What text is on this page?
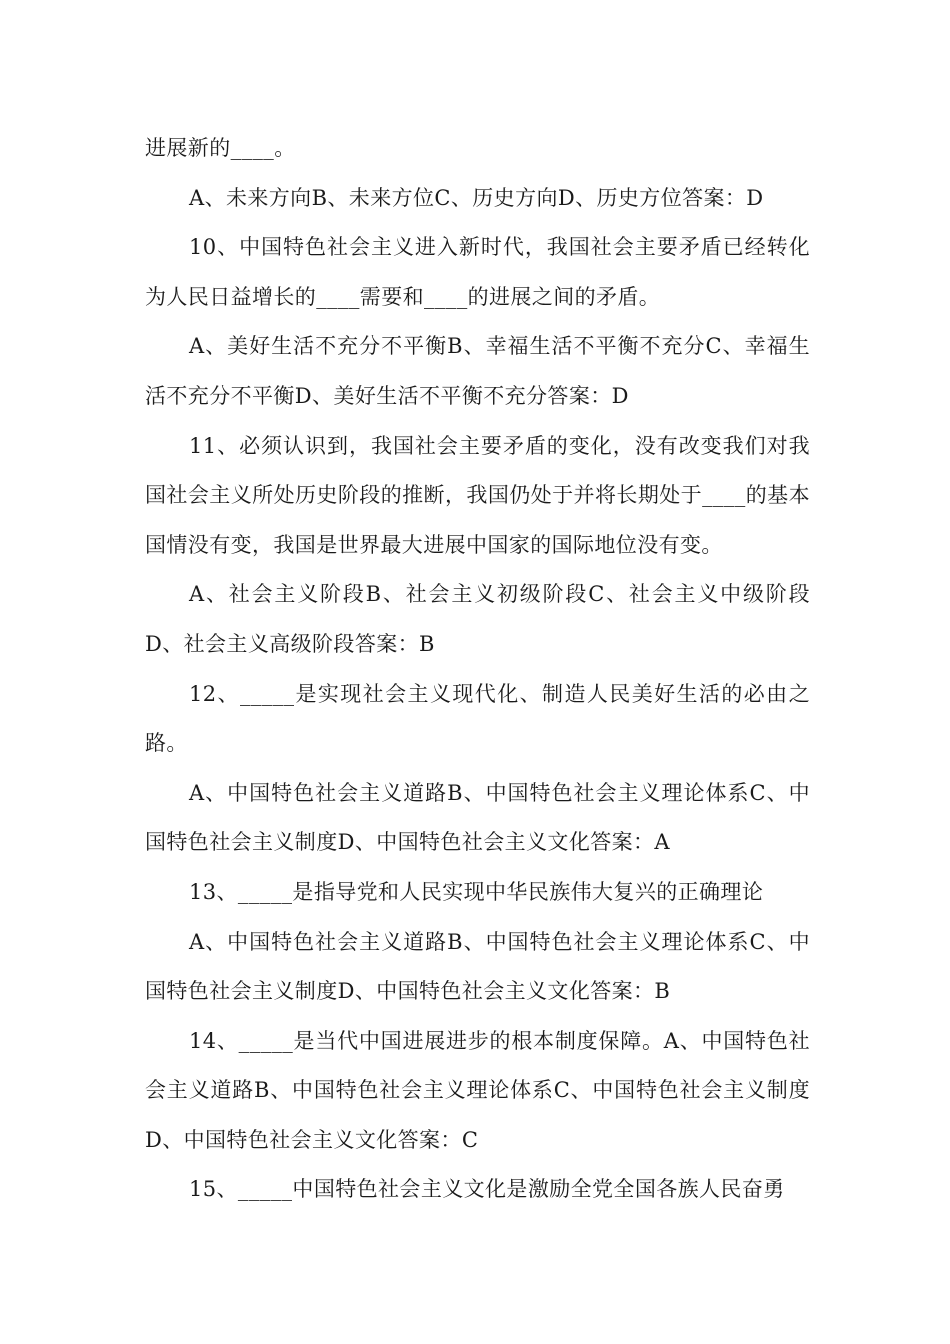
进展新的____。

A、未来方向B、未来方位C、历史方向D、历史方位答案：D

10、中国特色社会主义进入新时代，我国社会主要矛盾已经转化为人民日益增长的____需要和____的进展之间的矛盾。

A、美好生活不充分不平衡B、幸福生活不平衡不充分C、幸福生活不充分不平衡D、美好生活不平衡不充分答案：D

11、必须认识到，我国社会主要矛盾的变化，没有改变我们对我国社会主义所处历史阶段的推断，我国仍处于并将长期处于____的基本国情没有变，我国是世界最大进展中国家的国际地位没有变。

A、社会主义阶段B、社会主义初级阶段C、社会主义中级阶段D、社会主义高级阶段答案：B

12、_____是实现社会主义现代化、制造人民美好生活的必由之路。

A、中国特色社会主义道路B、中国特色社会主义理论体系C、中国特色社会主义制度D、中国特色社会主义文化答案：A

13、_____是指导党和人民实现中华民族伟大复兴的正确理论

A、中国特色社会主义道路B、中国特色社会主义理论体系C、中国特色社会主义制度D、中国特色社会主义文化答案：B

14、_____是当代中国进展进步的根本制度保障。A、中国特色社会主义道路B、中国特色社会主义理论体系C、中国特色社会主义制度D、中国特色社会主义文化答案：C

15、_____中国特色社会主义文化是激励全党全国各族人民奋勇
